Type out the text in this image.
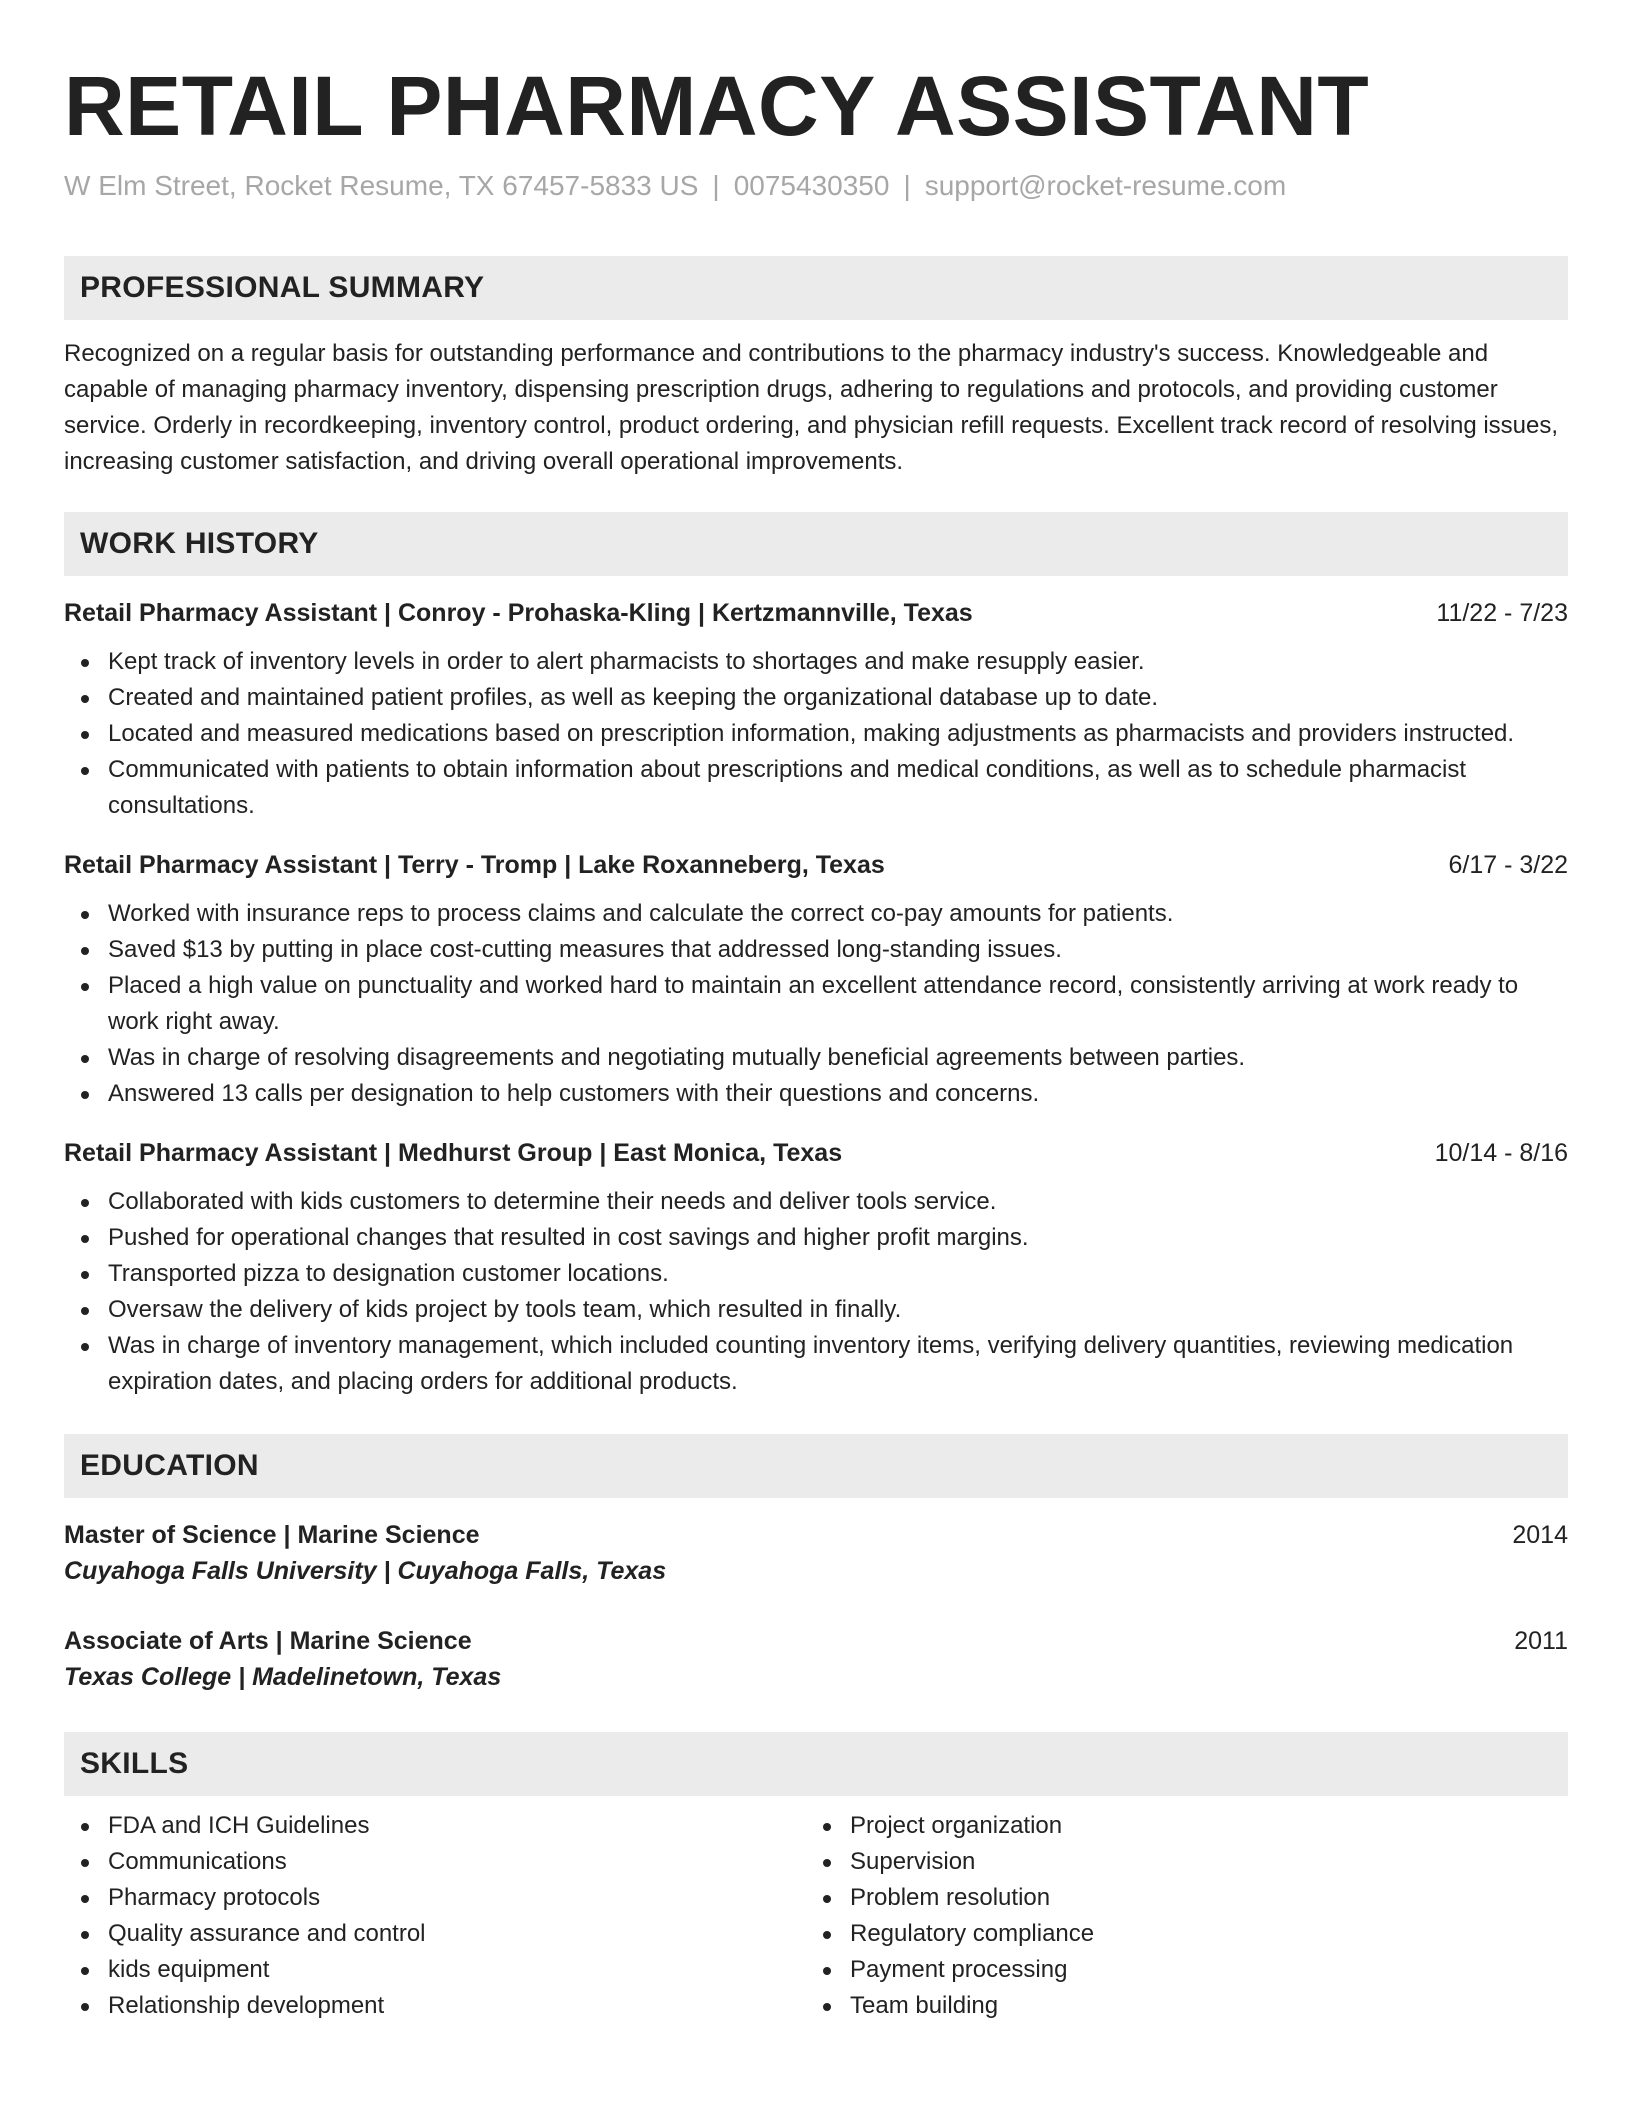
RETAIL PHARMACY ASSISTANT
W Elm Street, Rocket Resume, TX 67457-5833 US | 0075430350 | support@rocket-resume.com
PROFESSIONAL SUMMARY
Recognized on a regular basis for outstanding performance and contributions to the pharmacy industry's success. Knowledgeable and capable of managing pharmacy inventory, dispensing prescription drugs, adhering to regulations and protocols, and providing customer service. Orderly in recordkeeping, inventory control, product ordering, and physician refill requests. Excellent track record of resolving issues, increasing customer satisfaction, and driving overall operational improvements.
WORK HISTORY
Retail Pharmacy Assistant | Conroy - Prohaska-Kling | Kertzmannville, Texas	11/22 - 7/23
Kept track of inventory levels in order to alert pharmacists to shortages and make resupply easier.
Created and maintained patient profiles, as well as keeping the organizational database up to date.
Located and measured medications based on prescription information, making adjustments as pharmacists and providers instructed.
Communicated with patients to obtain information about prescriptions and medical conditions, as well as to schedule pharmacist consultations.
Retail Pharmacy Assistant | Terry - Tromp | Lake Roxanneberg, Texas	6/17 - 3/22
Worked with insurance reps to process claims and calculate the correct co-pay amounts for patients.
Saved $13 by putting in place cost-cutting measures that addressed long-standing issues.
Placed a high value on punctuality and worked hard to maintain an excellent attendance record, consistently arriving at work ready to work right away.
Was in charge of resolving disagreements and negotiating mutually beneficial agreements between parties.
Answered 13 calls per designation to help customers with their questions and concerns.
Retail Pharmacy Assistant | Medhurst Group | East Monica, Texas	10/14 - 8/16
Collaborated with kids customers to determine their needs and deliver tools service.
Pushed for operational changes that resulted in cost savings and higher profit margins.
Transported pizza to designation customer locations.
Oversaw the delivery of kids project by tools team, which resulted in finally.
Was in charge of inventory management, which included counting inventory items, verifying delivery quantities, reviewing medication expiration dates, and placing orders for additional products.
EDUCATION
Master of Science | Marine Science	2014
Cuyahoga Falls University | Cuyahoga Falls, Texas
Associate of Arts | Marine Science	2011
Texas College | Madelinetown, Texas
SKILLS
FDA and ICH Guidelines
Communications
Pharmacy protocols
Quality assurance and control
kids equipment
Relationship development
Project organization
Supervision
Problem resolution
Regulatory compliance
Payment processing
Team building
